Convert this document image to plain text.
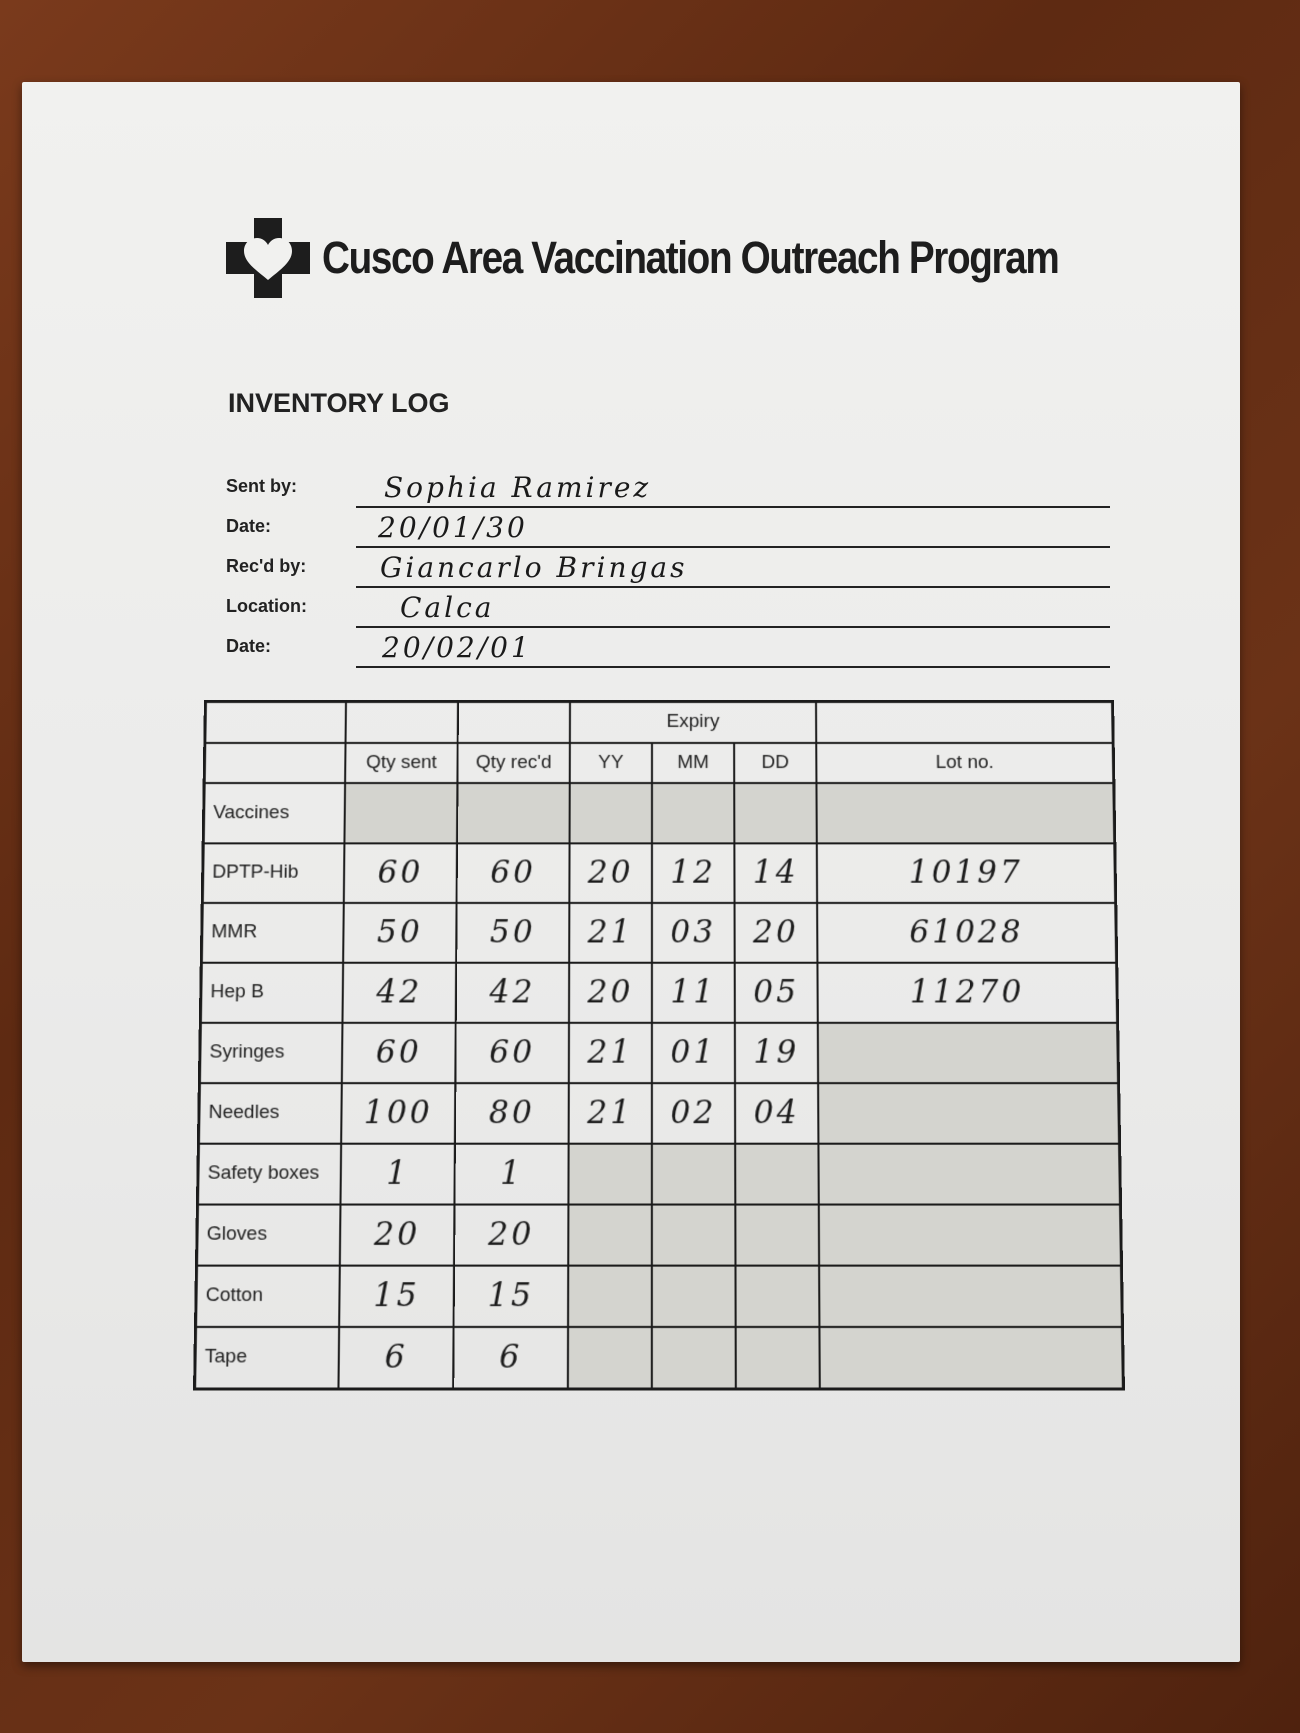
Cusco Area Vaccination Outreach Program
INVENTORY LOG
Sent by:	Sophia Ramirez
Date:	20/01/30
Rec'd by:	Giancarlo Bringas
Location:	Calca
Date:	20/02/01
			Expiry			
	Qty sent	Qty rec'd	YY	MM	DD	Lot no.
Vaccines						
DPTP-Hib	60	60	20	12	14	10197
MMR	50	50	21	03	20	61028
Hep B	42	42	20	11	05	11270
Syringes	60	60	21	01	19	
Needles	100	80	21	02	04	
Safety boxes	1	1				
Gloves	20	20				
Cotton	15	15				
Tape	6	6				
